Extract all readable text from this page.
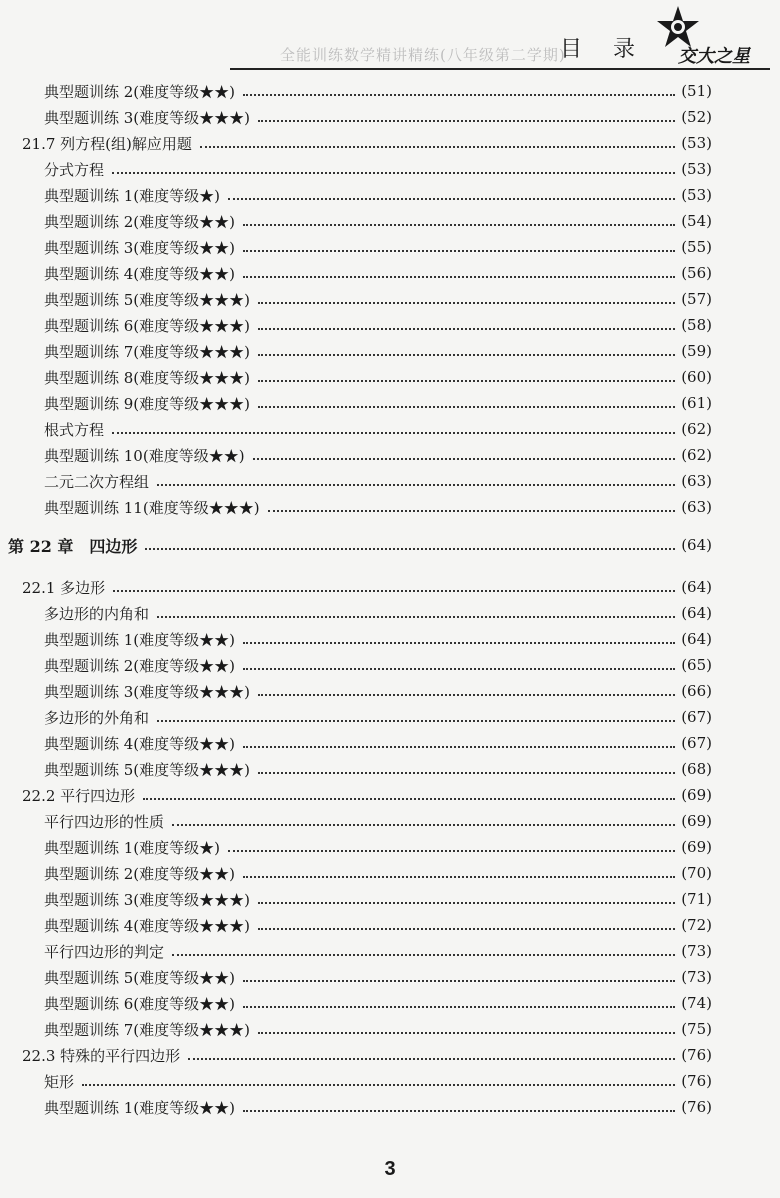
全能训练数学精讲精练(八年级第二学期)
目 录 交大之星
典型题训练 2(难度等级★★)	(51)
典型题训练 3(难度等级★★★)	(52)
21.7 列方程(组)解应用题	(53)
分式方程	(53)
典型题训练 1(难度等级★)	(53)
典型题训练 2(难度等级★★)	(54)
典型题训练 3(难度等级★★)	(55)
典型题训练 4(难度等级★★)	(56)
典型题训练 5(难度等级★★★)	(57)
典型题训练 6(难度等级★★★)	(58)
典型题训练 7(难度等级★★★)	(59)
典型题训练 8(难度等级★★★)	(60)
典型题训练 9(难度等级★★★)	(61)
根式方程	(62)
典型题训练 10(难度等级★★)	(62)
二元二次方程组	(63)
典型题训练 11(难度等级★★★)	(63)
第 22 章　四边形	(64)
22.1 多边形	(64)
多边形的内角和	(64)
典型题训练 1(难度等级★★)	(64)
典型题训练 2(难度等级★★)	(65)
典型题训练 3(难度等级★★★)	(66)
多边形的外角和	(67)
典型题训练 4(难度等级★★)	(67)
典型题训练 5(难度等级★★★)	(68)
22.2 平行四边形	(69)
平行四边形的性质	(69)
典型题训练 1(难度等级★)	(69)
典型题训练 2(难度等级★★)	(70)
典型题训练 3(难度等级★★★)	(71)
典型题训练 4(难度等级★★★)	(72)
平行四边形的判定	(73)
典型题训练 5(难度等级★★)	(73)
典型题训练 6(难度等级★★)	(74)
典型题训练 7(难度等级★★★)	(75)
22.3 特殊的平行四边形	(76)
矩形	(76)
典型题训练 1(难度等级★★)	(76)
3
